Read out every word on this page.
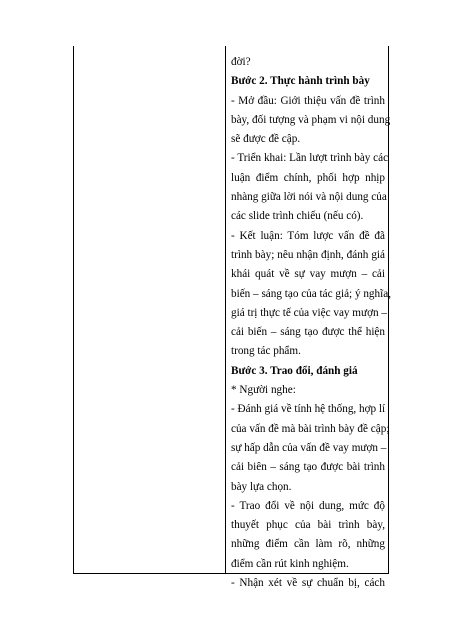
đời?
Bước 2. Thực hành trình bày
- Mở đầu: Giới thiệu vấn đề trình
bày, đối tượng và phạm vi nội dung
sẽ được đề cập.
- Triển khai: Lần lượt trình bày các
luận điểm chính, phối hợp nhịp
nhàng giữa lời nói và nội dung của
các slide trình chiếu (nếu có).
- Kết luận: Tóm lược vấn đề đã
trình bày; nêu nhận định, đánh giá
khái quát về sự vay mượn – cải
biến – sáng tạo của tác giả; ý nghĩa,
giá trị thực tế của việc vay mượn –
cải biến – sáng tạo được thể hiện
trong tác phẩm.
Bước 3. Trao đổi, đánh giá
* Người nghe:
- Đánh giá về tính hệ thống, hợp lí
của vấn đề mà bài trình bày đề cập;
sự hấp dẫn của vấn đề vay mượn –
cải biên – sáng tạo được bài trình
bày lựa chọn.
- Trao đổi về nội dung, mức độ
thuyết phục của bài trình bày,
những điểm cần làm rõ, những
điểm cần rút kinh nghiệm.
- Nhận xét về sự chuẩn bị, cách
